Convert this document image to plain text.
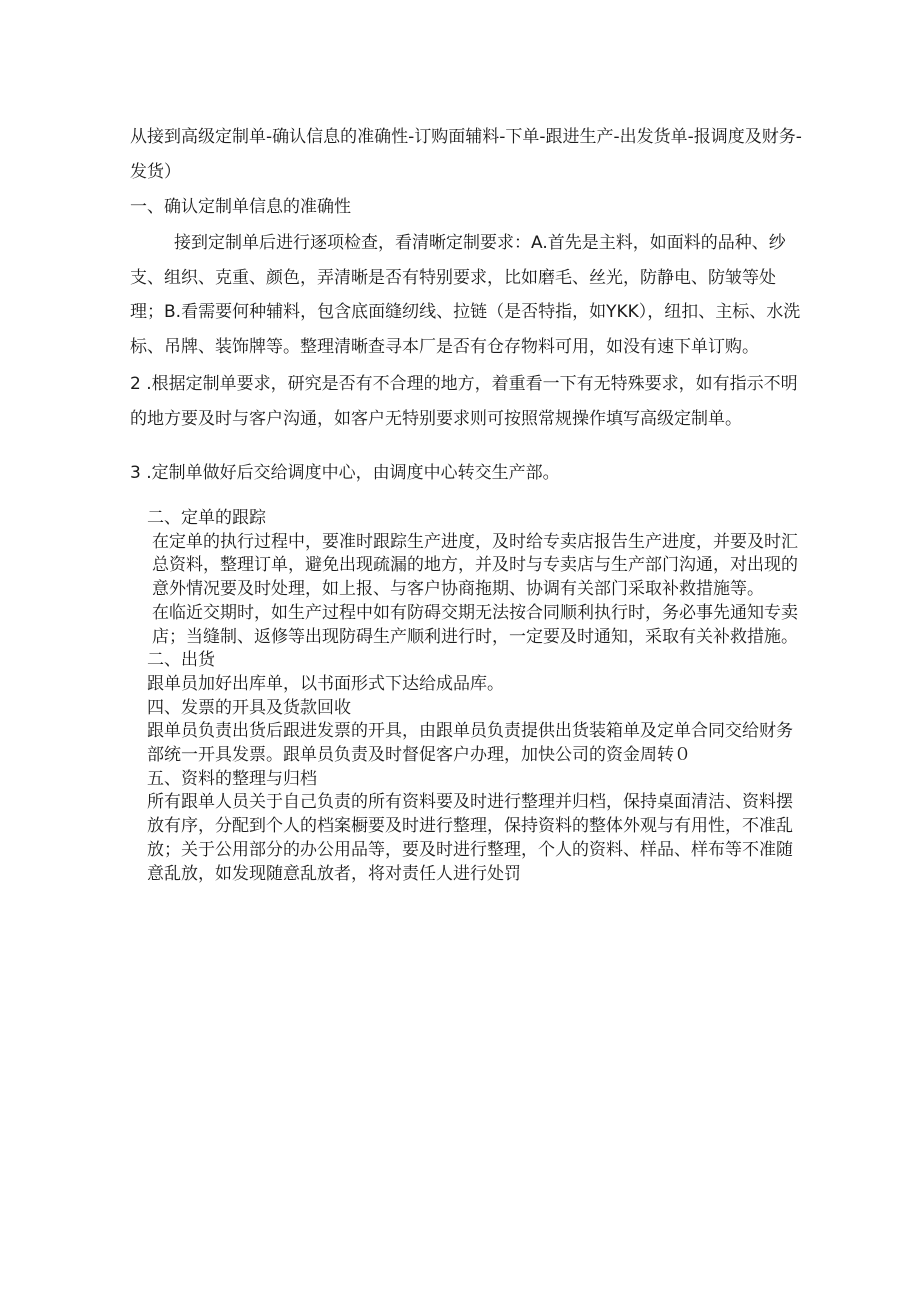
从接到高级定制单-确认信息的准确性-订购面辅料-下单-跟进生产-出发货单-报调度及财务-发货）

一、确认定制单信息的准确性

接到定制单后进行逐项检查，看清晰定制要求：A.首先是主料，如面料的品种、纱支、组织、克重、颜色，弄清晰是否有特别要求，比如磨毛、丝光，防静电、防皱等处理；B.看需要何种辅料，包含底面缝纫线、拉链（是否特指，如YKK），纽扣、主标、水洗标、吊牌、装饰牌等。整理清晰查寻本厂是否有仓存物料可用，如没有速下单订购。

2 .根据定制单要求，研究是否有不合理的地方，着重看一下有无特殊要求，如有指示不明的地方要及时与客户沟通，如客户无特别要求则可按照常规操作填写高级定制单。

3 .定制单做好后交给调度中心，由调度中心转交生产部。

二、定单的跟踪

在定单的执行过程中，要准时跟踪生产进度，及时给专卖店报告生产进度，并要及时汇总资料，整理订单，避免出现疏漏的地方，并及时与专卖店与生产部门沟通，对出现的意外情况要及时处理，如上报、与客户协商拖期、协调有关部门采取补救措施等。

在临近交期时，如生产过程中如有防碍交期无法按合同顺利执行时，务必事先通知专卖店；当缝制、返修等出现防碍生产顺利进行时，一定要及时通知，采取有关补救措施。

二、出货

跟单员加好出库单，以书面形式下达给成品库。

四、发票的开具及货款回收

跟单员负责出货后跟进发票的开具，由跟单员负责提供出货装箱单及定单合同交给财务部统一开具发票。跟单员负责及时督促客户办理，加快公司的资金周转０

五、资料的整理与归档

所有跟单人员关于自己负责的所有资料要及时进行整理并归档，保持桌面清洁、资料摆放有序，分配到个人的档案橱要及时进行整理，保持资料的整体外观与有用性，不准乱放；关于公用部分的办公用品等，要及时进行整理，个人的资料、样品、样布等不准随意乱放，如发现随意乱放者，将对责任人进行处罚
